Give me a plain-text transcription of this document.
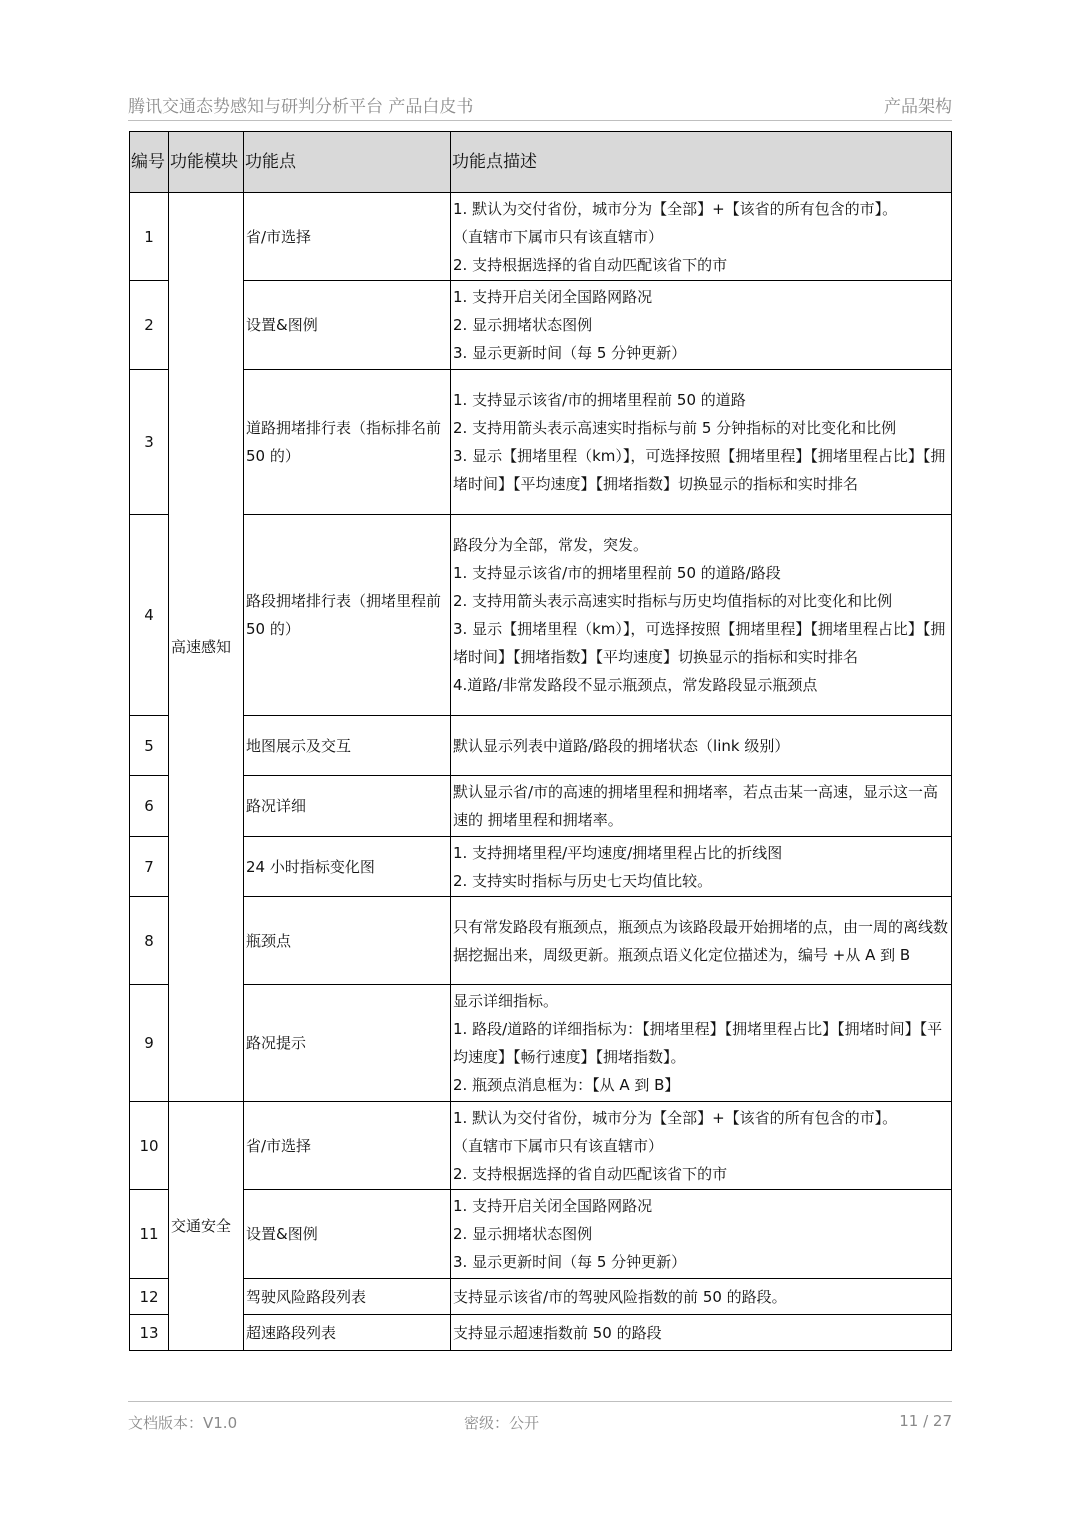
腾讯交通态势感知与研判分析平台 产品白皮书	产品架构
编号	功能模块	功能点	功能点描述
1	高速感知	省/市选择	1. 默认为交付省份，城市分为【全部】+【该省的所有包含的市】。
（直辖市下属市只有该直辖市）
2. 支持根据选择的省自动匹配该省下的市

2		设置&图例	1. 支持开启关闭全国路网路况
2. 显示拥堵状态图例
3. 显示更新时间（每 5 分钟更新）

3		道路拥堵排行表（指标排名前 50 的）	1. 支持显示该省/市的拥堵里程前 50 的道路
2. 支持用箭头表示高速实时指标与前 5 分钟指标的对比变化和比例
3. 显示【拥堵里程（km）】，可选择按照【拥堵里程】【拥堵里程占比】【拥堵时间】【平均速度】【拥堵指数】切换显示的指标和实时排名

4		路段拥堵排行表（拥堵里程前 50 的）	路段分为全部，常发，突发。
1. 支持显示该省/市的拥堵里程前 50 的道路/路段
2. 支持用箭头表示高速实时指标与历史均值指标的对比变化和比例
3. 显示【拥堵里程（km）】，可选择按照【拥堵里程】【拥堵里程占比】【拥堵时间】【拥堵指数】【平均速度】切换显示的指标和实时排名
4.道路/非常发路段不显示瓶颈点，常发路段显示瓶颈点

5		地图展示及交互	默认显示列表中道路/路段的拥堵状态（link 级别）

6		路况详细	默认显示省/市的高速的拥堵里程和拥堵率，若点击某一高速，显示这一高速的 拥堵里程和拥堵率。

7		24 小时指标变化图	1. 支持拥堵里程/平均速度/拥堵里程占比的折线图
2. 支持实时指标与历史七天均值比较。

8		瓶颈点	只有常发路段有瓶颈点，瓶颈点为该路段最开始拥堵的点，由一周的离线数据挖掘出来，周级更新。瓶颈点语义化定位描述为，编号 +从 A 到 B

9		路况提示	显示详细指标。
1. 路段/道路的详细指标为：【拥堵里程】【拥堵里程占比】【拥堵时间】【平均速度】【畅行速度】【拥堵指数】。
2. 瓶颈点消息框为：【从 A 到 B】

10	交通安全	省/市选择	1. 默认为交付省份，城市分为【全部】+【该省的所有包含的市】。
（直辖市下属市只有该直辖市）
2. 支持根据选择的省自动匹配该省下的市

11		设置&图例	1. 支持开启关闭全国路网路况
2. 显示拥堵状态图例
3. 显示更新时间（每 5 分钟更新）

12		驾驶风险路段列表	支持显示该省/市的驾驶风险指数的前 50 的路段。

13		超速路段列表	支持显示超速指数前 50 的路段
文档版本：V1.0	密级：公开	11 / 27
